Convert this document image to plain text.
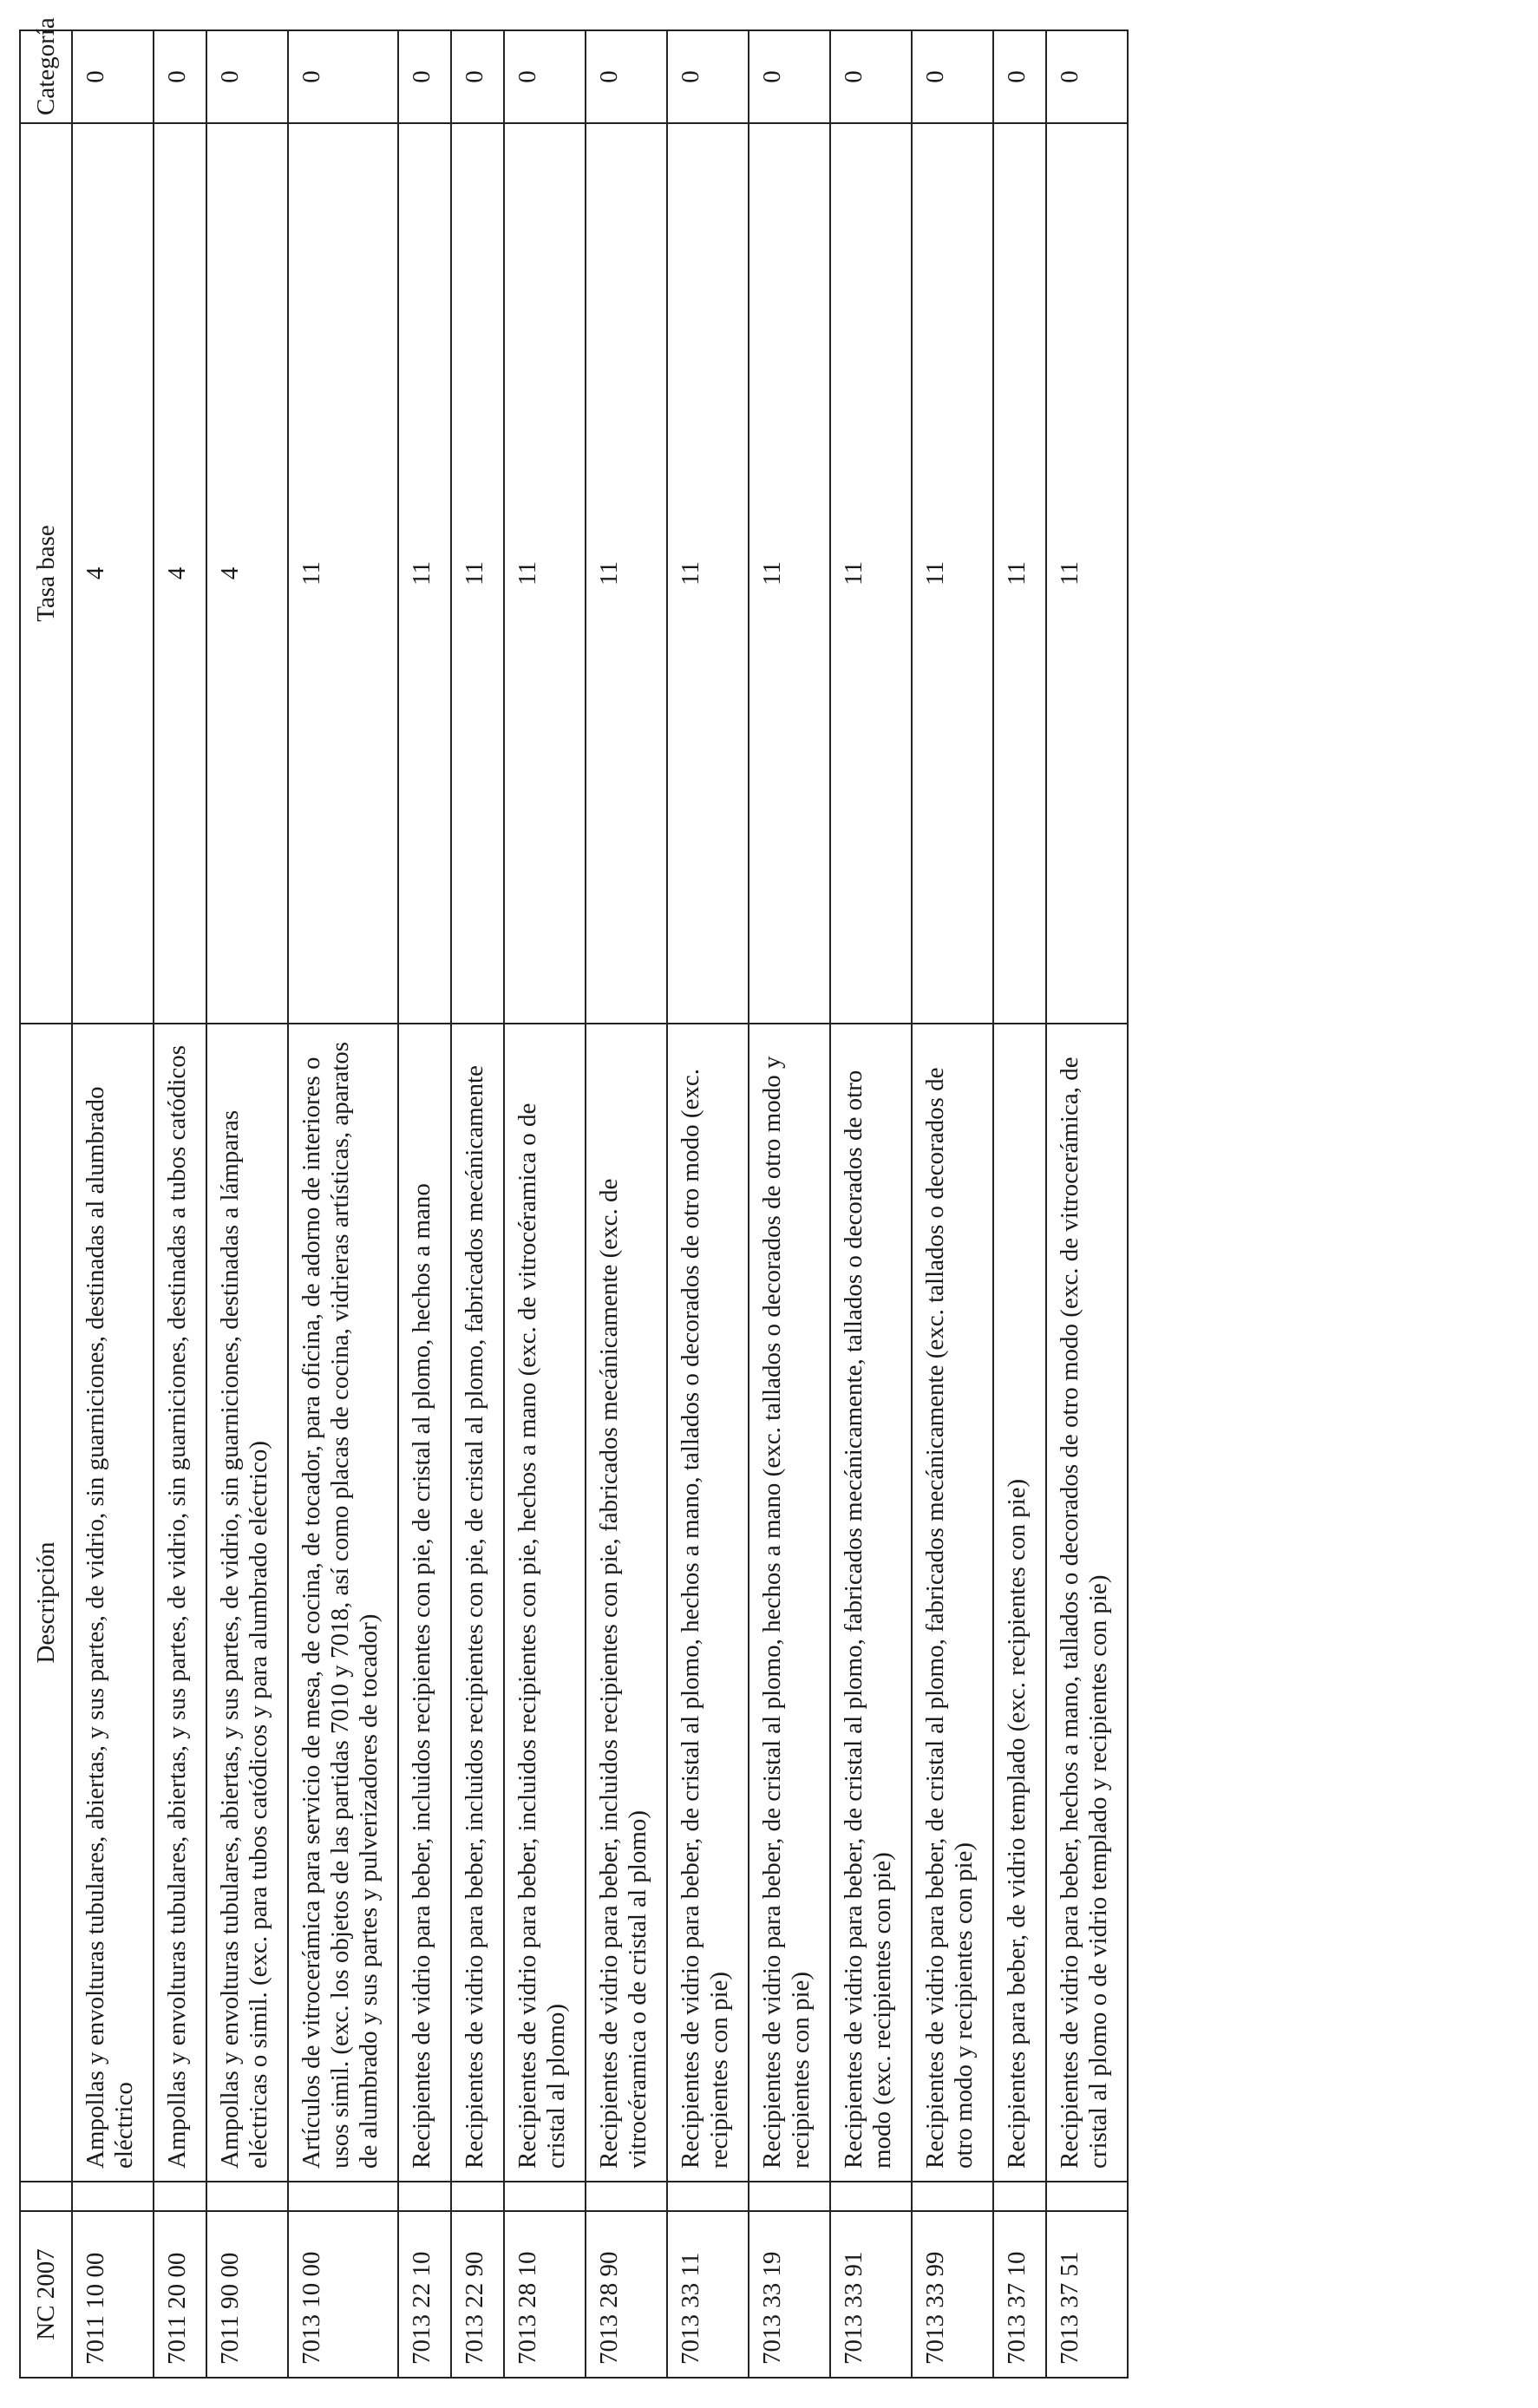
NC 2007		Descripción	Tasa base	Categoría
7011 10 00		Ampollas y envolturas tubulares, abiertas, y sus partes, de vidrio, sin guarniciones, destinadas al alumbrado eléctrico	4	0
7011 20 00		Ampollas y envolturas tubulares, abiertas, y sus partes, de vidrio, sin guarniciones, destinadas a tubos catódicos	4	0
7011 90 00		Ampollas y envolturas tubulares, abiertas, y sus partes, de vidrio, sin guarniciones, destinadas a lámparas eléctricas o simil. (exc. para tubos catódicos y para alumbrado eléctrico)	4	0
7013 10 00		Artículos de vitrocerámica para servicio de mesa, de cocina, de tocador, para oficina, de adorno de interiores o usos simil. (exc. los objetos de las partidas 7010 y 7018, así como placas de cocina, vidrieras artísticas, aparatos de alumbrado y sus partes y pulverizadores de tocador)	11	0
7013 22 10		Recipientes de vidrio para beber, incluidos recipientes con pie, de cristal al plomo, hechos a mano	11	0
7013 22 90		Recipientes de vidrio para beber, incluidos recipientes con pie, de cristal al plomo, fabricados mecánicamente	11	0
7013 28 10		Recipientes de vidrio para beber, incluidos recipientes con pie, hechos a mano (exc. de vitrocéramica o de cristal al plomo)	11	0
7013 28 90		Recipientes de vidrio para beber, incluidos recipientes con pie, fabricados mecánicamente (exc. de vitrocéramica o de cristal al plomo)	11	0
7013 33 11		Recipientes de vidrio para beber, de cristal al plomo, hechos a mano, tallados o decorados de otro modo (exc. recipientes con pie)	11	0
7013 33 19		Recipientes de vidrio para beber, de cristal al plomo, hechos a mano (exc. tallados o decorados de otro modo y recipientes con pie)	11	0
7013 33 91		Recipientes de vidrio para beber, de cristal al plomo, fabricados mecánicamente, tallados o decorados de otro modo (exc. recipientes con pie)	11	0
7013 33 99		Recipientes de vidrio para beber, de cristal al plomo, fabricados mecánicamente (exc. tallados o decorados de otro modo y recipientes con pie)	11	0
7013 37 10		Recipientes para beber, de vidrio templado (exc. recipientes con pie)	11	0
7013 37 51		Recipientes de vidrio para beber, hechos a mano, tallados o decorados de otro modo (exc. de vitrocerámica, de cristal al plomo o de vidrio templado y recipientes con pie)	11	0
